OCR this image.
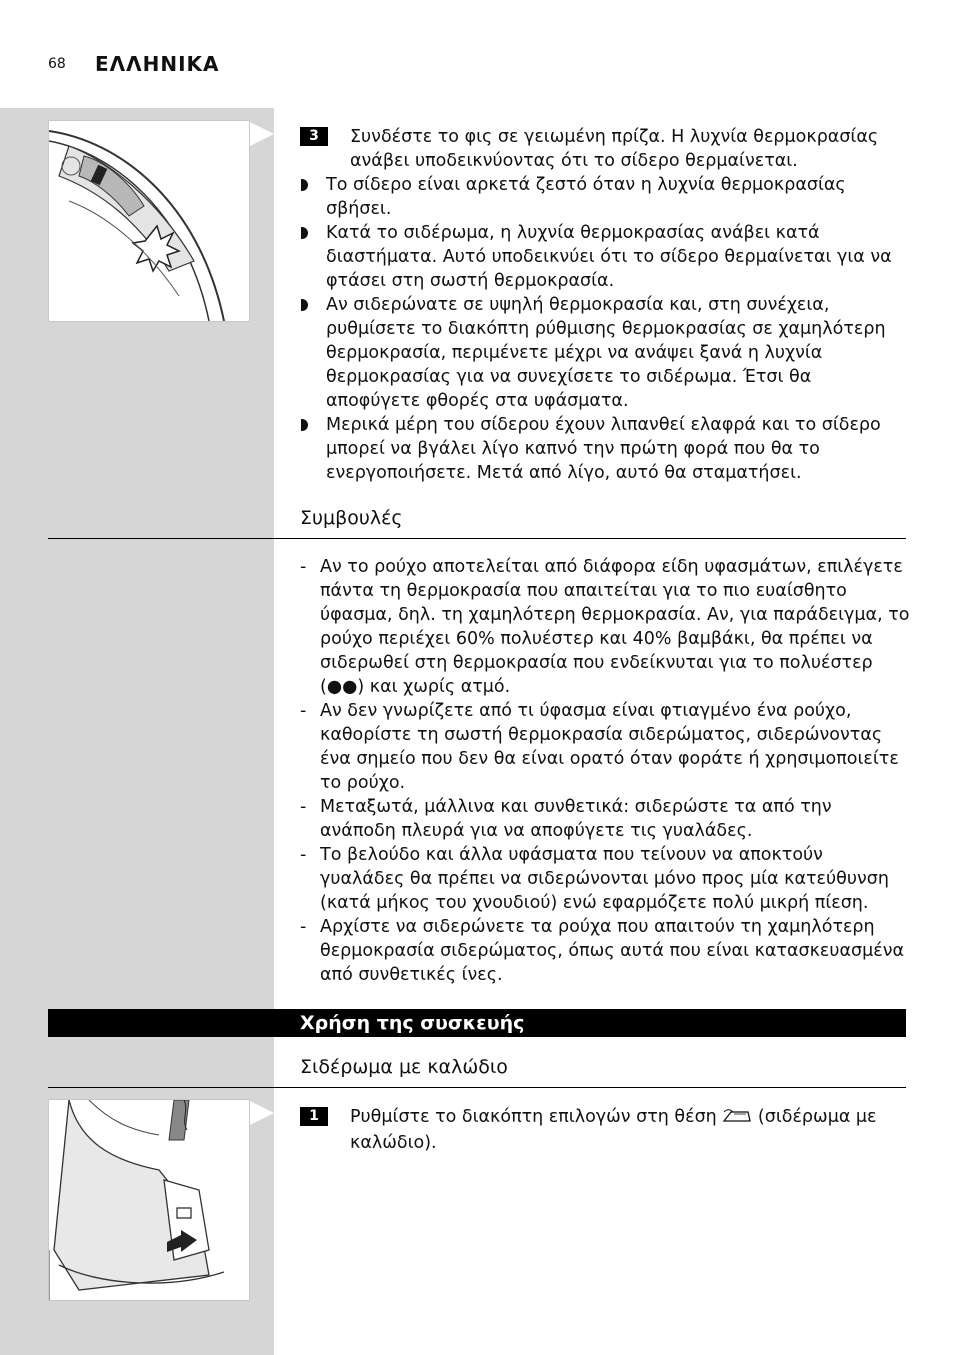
68 ΕΛΛΗΝΙΚΑ
3	Συνδέστε το φις σε γειωμένη πρίζα. Η λυχνία θερμοκρασίας ανάβει υποδεικνύοντας ότι το σίδερο θερμαίνεται.
Το σίδερο είναι αρκετά ζεστό όταν η λυχνία θερμοκρασίας σβήσει.
Κατά το σιδέρωμα, η λυχνία θερμοκρασίας ανάβει κατά διαστήματα. Αυτό υποδεικνύει ότι το σίδερο θερμαίνεται για να φτάσει στη σωστή θερμοκρασία.
Αν σιδερώνατε σε υψηλή θερμοκρασία και, στη συνέχεια, ρυθμίσετε το διακόπτη ρύθμισης θερμοκρασίας σε χαμηλότερη θερμοκρασία, περιμένετε μέχρι να ανάψει ξανά η λυχνία θερμοκρασίας για να συνεχίσετε το σιδέρωμα. Έτσι θα αποφύγετε φθορές στα υφάσματα.
Μερικά μέρη του σίδερου έχουν λιπανθεί ελαφρά και το σίδερο μπορεί να βγάλει λίγο καπνό την πρώτη φορά που θα το ενεργοποιήσετε. Μετά από λίγο, αυτό θα σταματήσει.
Συμβουλές
- Αν το ρούχο αποτελείται από διάφορα είδη υφασμάτων, επιλέγετε πάντα τη θερμοκρασία που απαιτείται για το πιο ευαίσθητο ύφασμα, δηλ. τη χαμηλότερη θερμοκρασία. Αν, για παράδειγμα, το ρούχο περιέχει 60% πολυέστερ και 40% βαμβάκι, θα πρέπει να σιδερωθεί στη θερμοκρασία που ενδείκνυται για το πολυέστερ (●●) και χωρίς ατμό.
- Αν δεν γνωρίζετε από τι ύφασμα είναι φτιαγμένο ένα ρούχο, καθορίστε τη σωστή θερμοκρασία σιδερώματος, σιδερώνοντας ένα σημείο που δεν θα είναι ορατό όταν φοράτε ή χρησιμοποιείτε το ρούχο.
- Μεταξωτά, μάλλινα και συνθετικά: σιδερώστε τα από την ανάποδη πλευρά για να αποφύγετε τις γυαλάδες.
- Το βελούδο και άλλα υφάσματα που τείνουν να αποκτούν γυαλάδες θα πρέπει να σιδερώνονται μόνο προς μία κατεύθυνση (κατά μήκος του χνουδιού) ενώ εφαρμόζετε πολύ μικρή πίεση.
- Αρχίστε να σιδερώνετε τα ρούχα που απαιτούν τη χαμηλότερη θερμοκρασία σιδερώματος, όπως αυτά που είναι κατασκευασμένα από συνθετικές ίνες.
Χρήση της συσκευής
Σιδέρωμα με καλώδιο
1	Ρυθμίστε το διακόπτη επιλογών στη θέση (σιδέρωμα με καλώδιο).
